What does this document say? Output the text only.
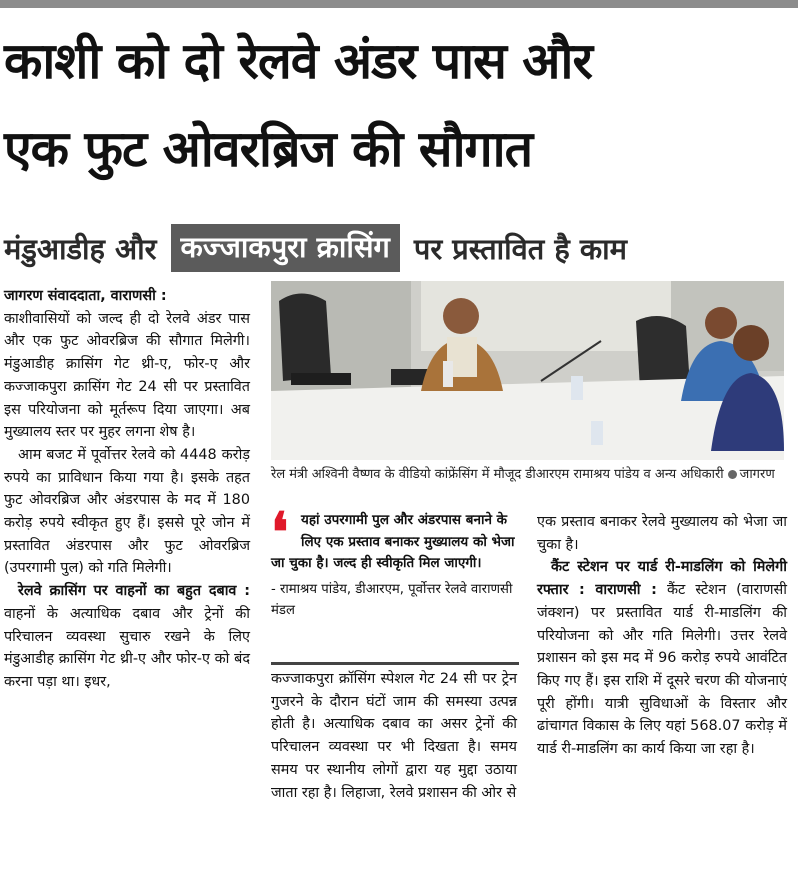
काशी को दो रेलवे अंडर पास और
एक फुट ओवरब्रिज की सौगात
मंडुआडीह और कज्जाकपुरा क्रासिंग पर प्रस्तावित है काम

जागरण संवाददाता, वाराणसी :

काशीवासियों को जल्द ही दो रेलवे अंडर पास और एक फुट ओवरब्रिज की सौगात मिलेगी। मंडुआडीह क्रासिंग गेट थ्री-ए, फोर-ए और कज्जाकपुरा क्रासिंग गेट 24 सी पर प्रस्तावित इस परियोजना को मूर्तरूप दिया जाएगा। अब मुख्यालय स्तर पर मुहर लगना शेष है।

आम बजट में पूर्वोत्तर रेलवे को 4448 करोड़ रुपये का प्राविधान किया गया है। इसके तहत फुट ओवरब्रिज और अंडरपास के मद में 180 करोड़ रुपये स्वीकृत हुए हैं। इससे पूरे जोन में प्रस्तावित अंडरपास और फुट ओवरब्रिज (उपरगामी पुल) को गति मिलेगी।

रेलवे क्रासिंग पर वाहनों का बहुत दबाव : वाहनों के अत्याधिक दबाव और ट्रेनों की परिचालन व्यवस्था सुचारु रखने के लिए मंडुआडीह क्रासिंग गेट थ्री-ए और फोर-ए को बंद करना पड़ा था। इधर,

रेल मंत्री अश्विनी वैष्णव के वीडियो कांफ्रेंसिंग में मौजूद डीआरएम रामाश्रय पांडेय व अन्य अधिकारी जागरण
❛ यहां उपरगामी पुल और अंडरपास बनाने के लिए एक प्रस्ताव बनाकर मुख्यालय को भेजा जा चुका है। जल्द ही स्वीकृति मिल जाएगी।

- रामाश्रय पांडेय, डीआरएम, पूर्वोत्तर रेलवे वाराणसी मंडल

कज्जाकपुरा क्रॉसिंग स्पेशल गेट 24 सी पर ट्रेन गुजरने के दौरान घंटों जाम की समस्या उत्पन्न होती है। अत्याधिक दबाव का असर ट्रेनों की परिचालन व्यवस्था पर भी दिखता है। समय समय पर स्थानीय लोगों द्वारा यह मुद्दा उठाया जाता रहा है। लिहाजा, रेलवे प्रशासन की ओर से

एक प्रस्ताव बनाकर रेलवे मुख्यालय को भेजा जा चुका है।

कैंट स्टेशन पर यार्ड री-माडलिंग को मिलेगी रफ्तार : वाराणसी : कैंट स्टेशन (वाराणसी जंक्शन) पर प्रस्तावित यार्ड री-माडलिंग की परियोजना को और गति मिलेगी। उत्तर रेलवे प्रशासन को इस मद में 96 करोड़ रुपये आवंटित किए गए हैं। इस राशि में दूसरे चरण की योजनाएं पूरी होंगी। यात्री सुविधाओं के विस्तार और ढांचागत विकास के लिए यहां 568.07 करोड़ में यार्ड री-माडलिंग का कार्य किया जा रहा है।
